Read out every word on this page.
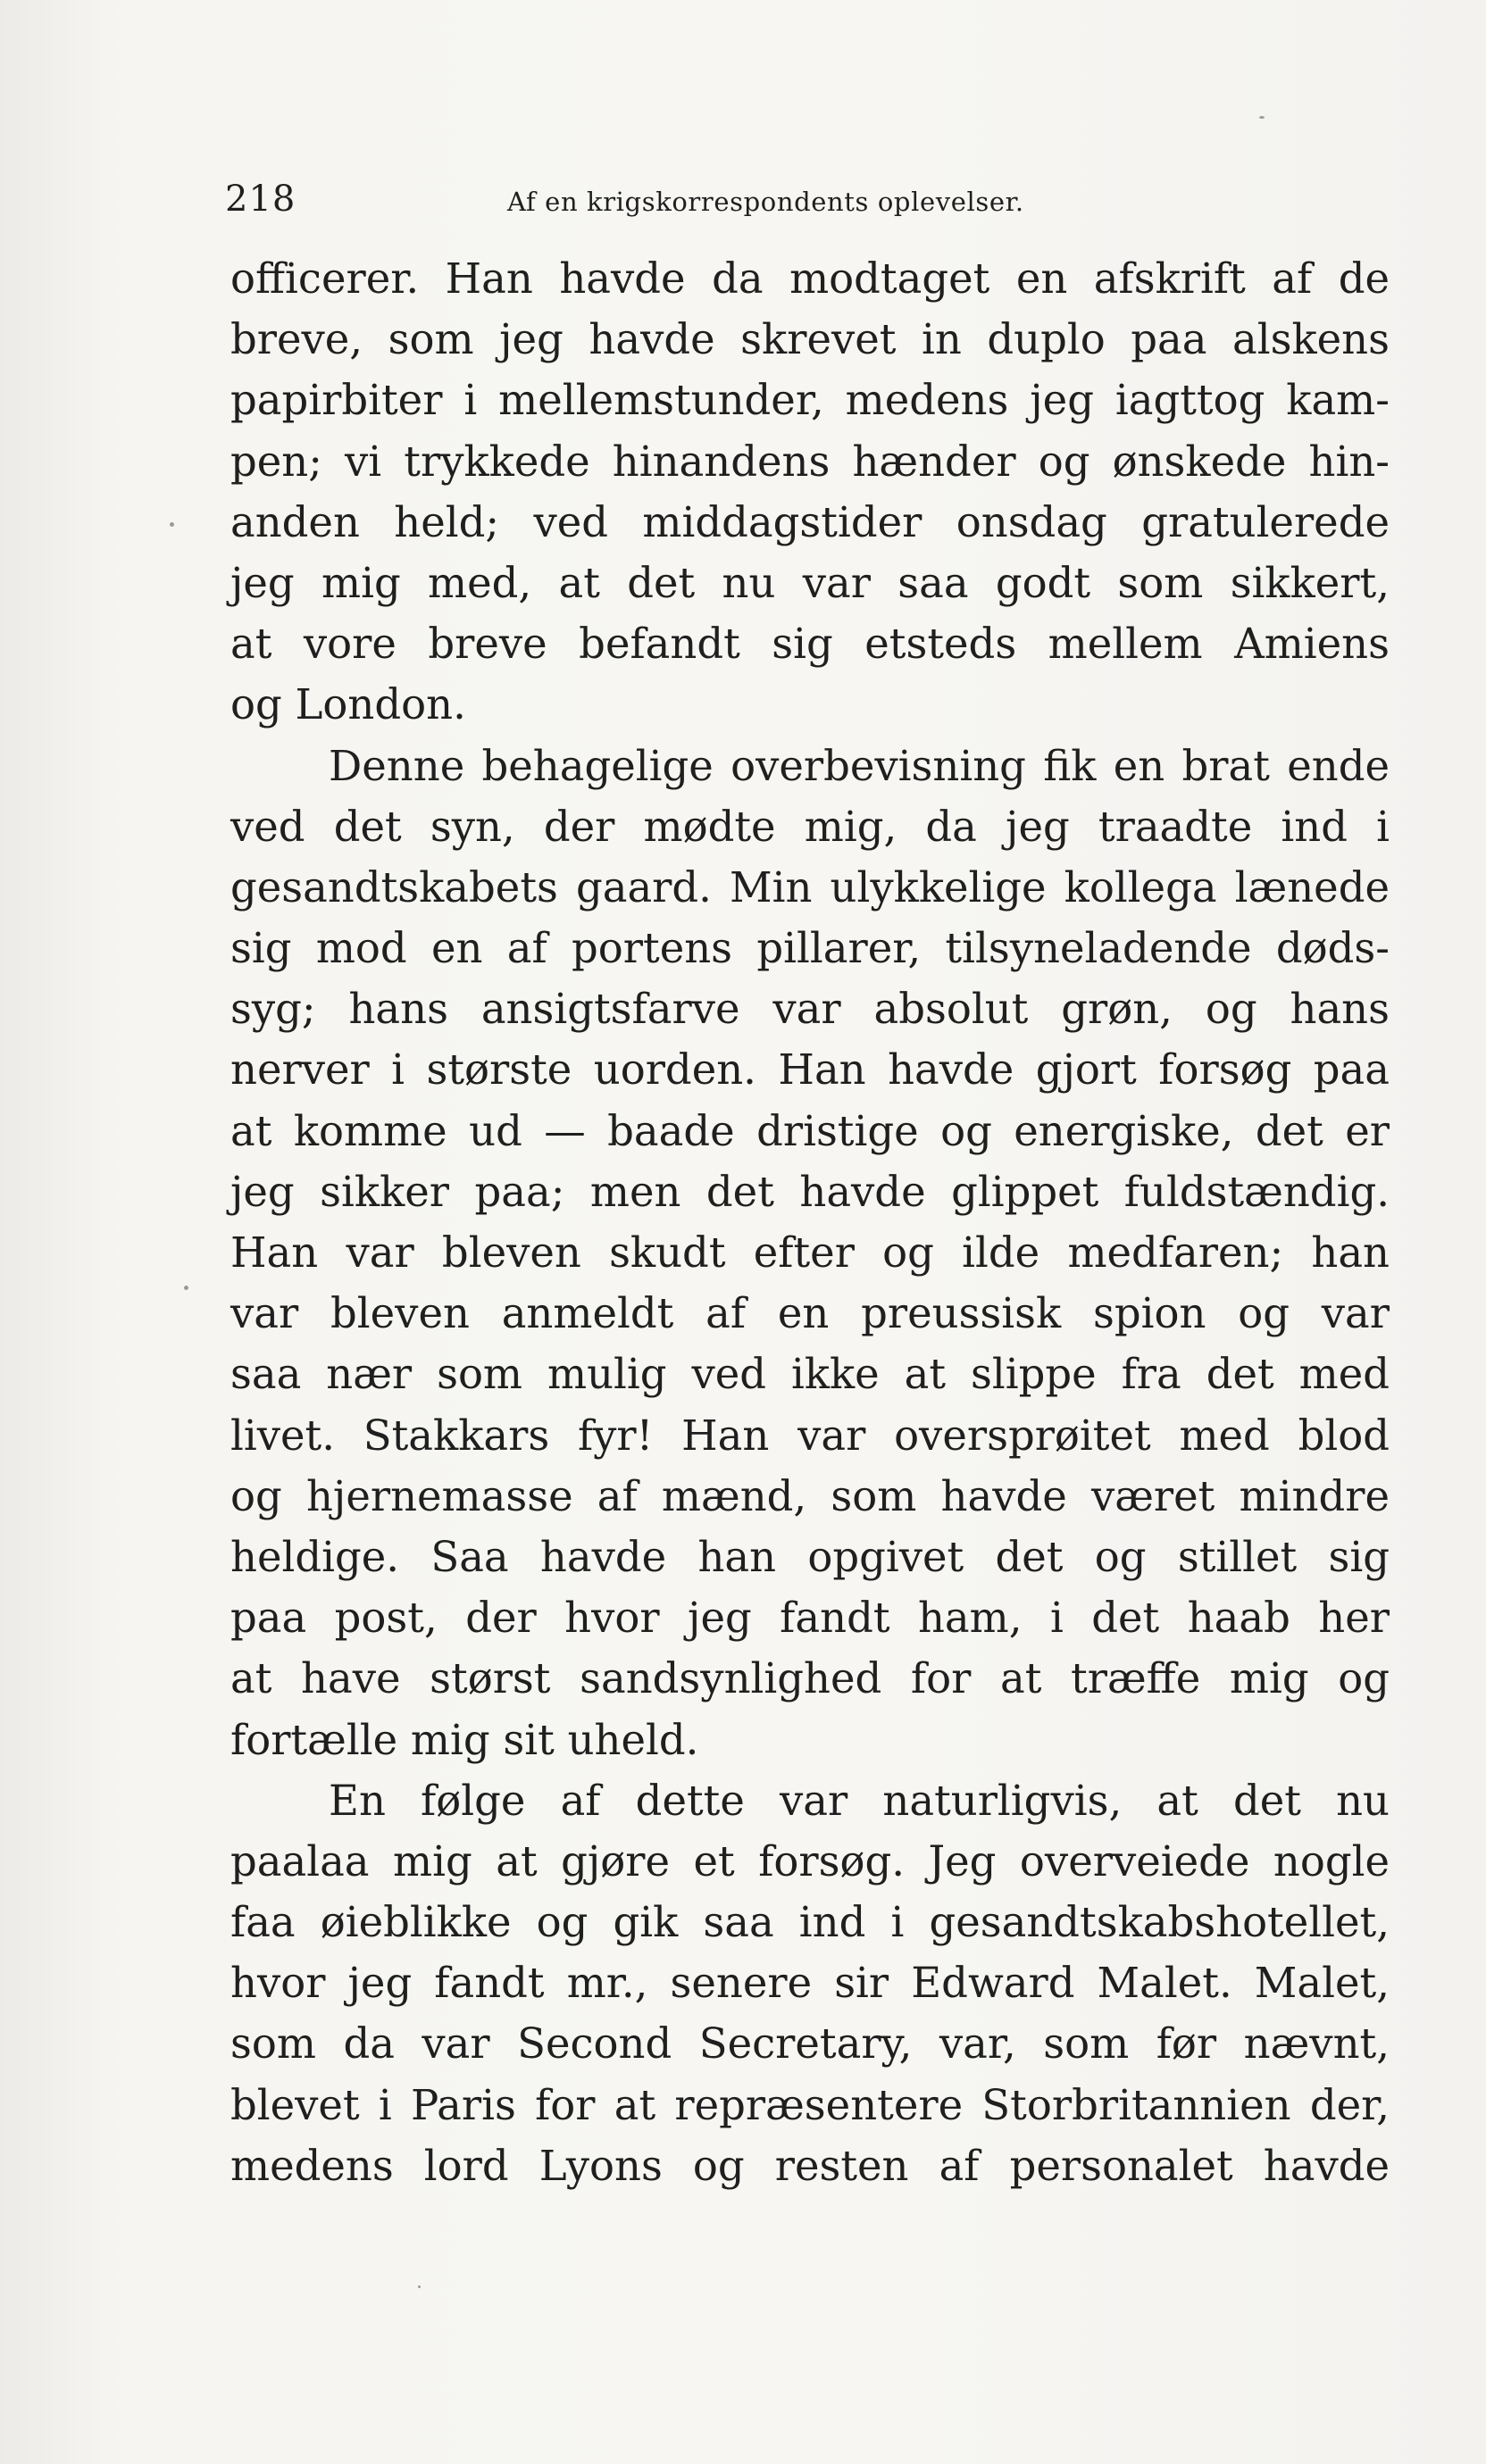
218	Af en krigskorrespondents oplevelser.
officerer. Han havde da modtaget en afskrift af de
breve, som jeg havde skrevet in duplo paa alskens
papirbiter i mellemstunder, medens jeg iagttog kam-
pen; vi trykkede hinandens hænder og ønskede hin-
anden held; ved middagstider onsdag gratulerede
jeg mig med, at det nu var saa godt som sikkert,
at vore breve befandt sig etsteds mellem Amiens
og London.
Denne behagelige overbevisning fik en brat ende
ved det syn, der mødte mig, da jeg traadte ind i
gesandtskabets gaard. Min ulykkelige kollega lænede
sig mod en af portens pillarer, tilsyneladende døds-
syg; hans ansigtsfarve var absolut grøn, og hans
nerver i største uorden. Han havde gjort forsøg paa
at komme ud — baade dristige og energiske, det er
jeg sikker paa; men det havde glippet fuldstændig.
Han var bleven skudt efter og ilde medfaren; han
var bleven anmeldt af en preussisk spion og var
saa nær som mulig ved ikke at slippe fra det med
livet. Stakkars fyr! Han var oversprøitet med blod
og hjernemasse af mænd, som havde været mindre
heldige. Saa havde han opgivet det og stillet sig
paa post, der hvor jeg fandt ham, i det haab her
at have størst sandsynlighed for at træffe mig og
fortælle mig sit uheld.
En følge af dette var naturligvis, at det nu
paalaa mig at gjøre et forsøg. Jeg overveiede nogle
faa øieblikke og gik saa ind i gesandtskabshotellet,
hvor jeg fandt mr., senere sir Edward Malet. Malet,
som da var Second Secretary, var, som før nævnt,
blevet i Paris for at repræsentere Storbritannien der,
medens lord Lyons og resten af personalet havde
